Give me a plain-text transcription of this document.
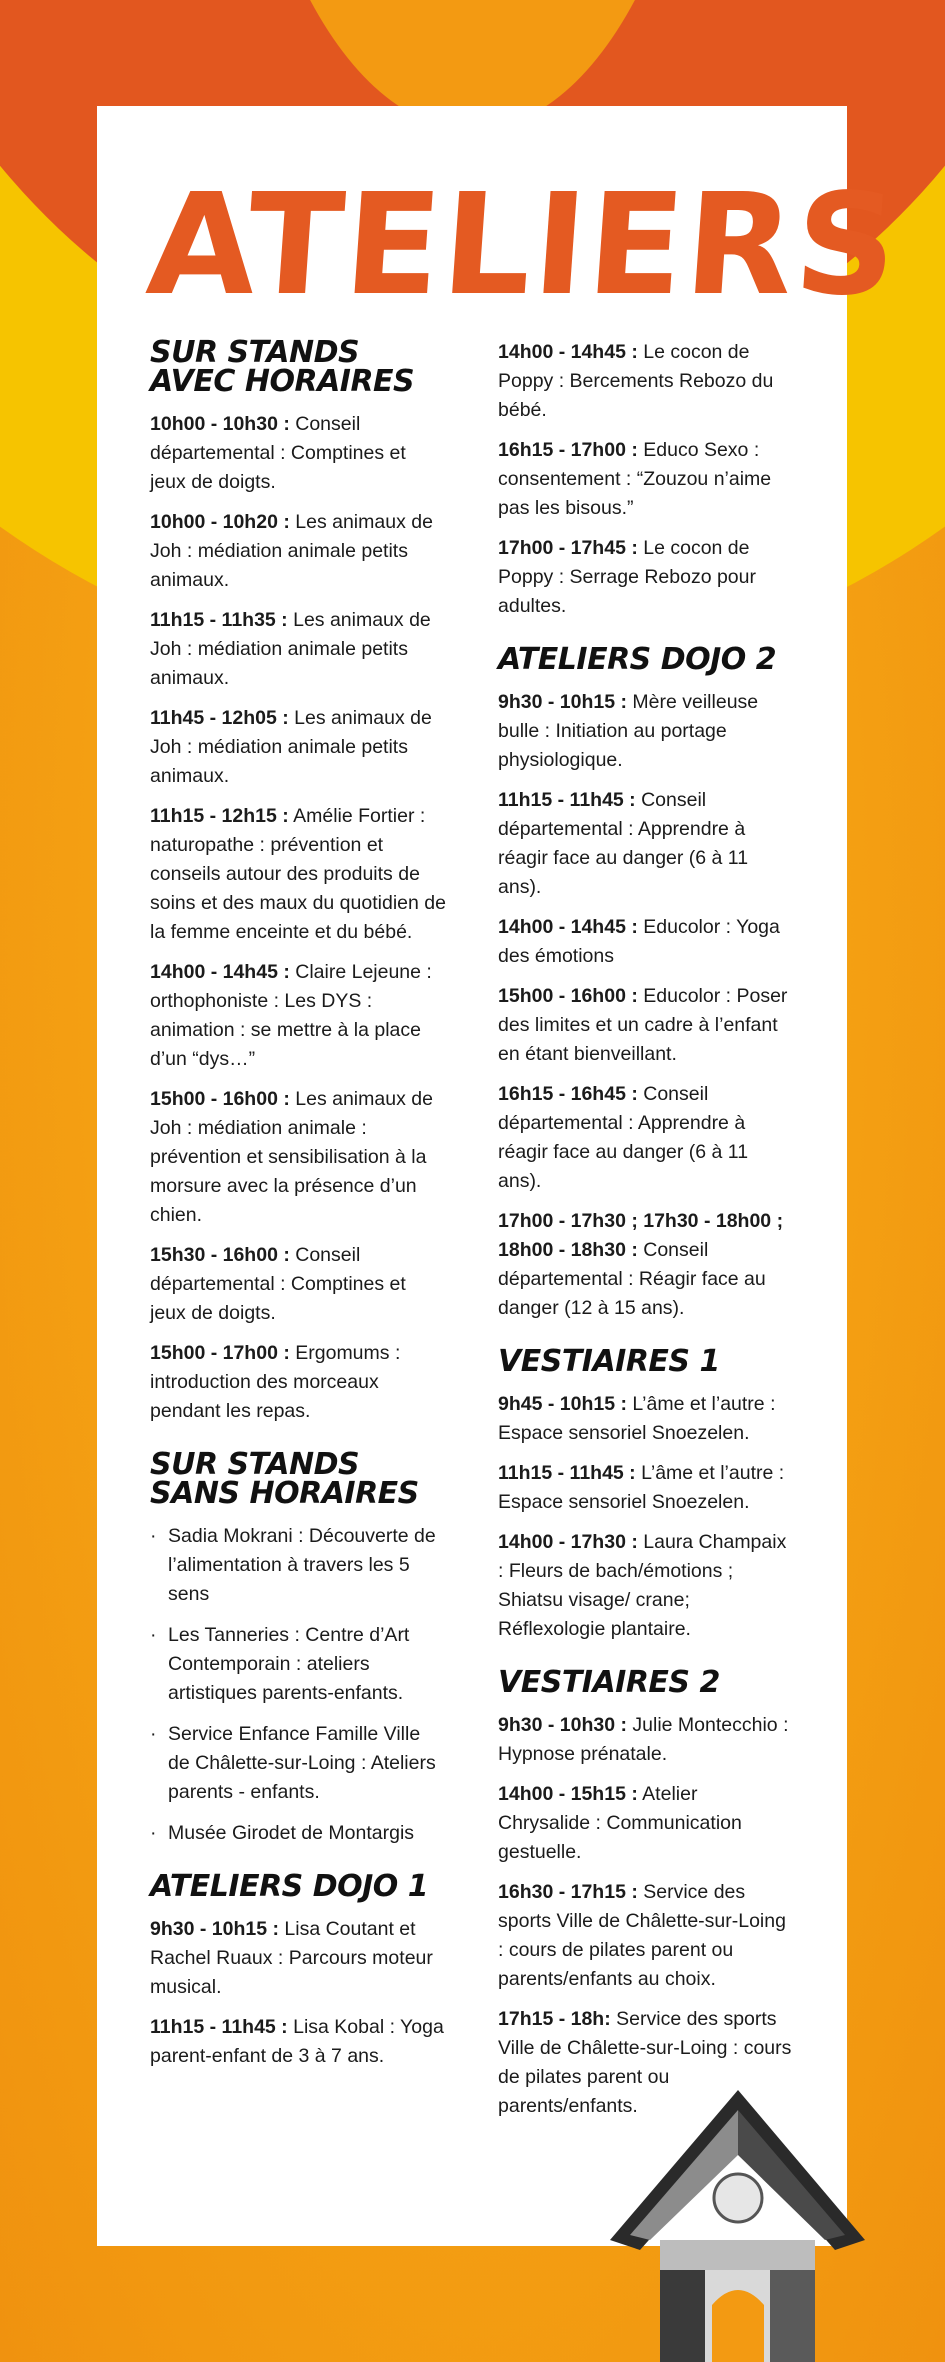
ATELIERS
SUR STANDS
AVEC HORAIRES

10h00 - 10h30 : Conseil départemental : Comptines et jeux de doigts.

10h00 - 10h20 : Les animaux de Joh : médiation animale petits animaux.

11h15 - 11h35 : Les animaux de Joh : médiation animale petits animaux.

11h45 - 12h05 : Les animaux de Joh : médiation animale petits animaux.

11h15 - 12h15 : Amélie Fortier : naturopathe : prévention et conseils autour des produits de soins et des maux du quotidien de la femme enceinte et du bébé.

14h00 - 14h45 : Claire Lejeune : orthophoniste : Les DYS : animation : se mettre à la place d’un “dys…”

15h00 - 16h00 : Les animaux de Joh : médiation animale : prévention et sensibilisation à la morsure avec la présence d’un chien.

15h30 - 16h00 : Conseil départemental : Comptines et jeux de doigts.

15h00 - 17h00 : Ergomums : introduction des morceaux pendant les repas.

SUR STANDS
SANS HORAIRES
· Sadia Mokrani : Découverte de l’alimentation à travers les 5 sens
· Les Tanneries : Centre d’Art Contemporain : ateliers artistiques parents-enfants.
· Service Enfance Famille Ville de Châlette-sur-Loing : Ateliers parents - enfants.
· Musée Girodet de Montargis
ATELIERS DOJO 1

9h30 - 10h15 : Lisa Coutant et Rachel Ruaux : Parcours moteur musical.

11h15 - 11h45 : Lisa Kobal : Yoga parent-enfant de 3 à 7 ans.

14h00 - 14h45 : Le cocon de Poppy : Bercements Rebozo du bébé.

16h15 - 17h00 : Educo Sexo : consentement : “Zouzou n’aime pas les bisous.”

17h00 - 17h45 : Le cocon de Poppy : Serrage Rebozo pour adultes.

ATELIERS DOJO 2

9h30 - 10h15 : Mère veilleuse bulle : Initiation au portage physiologique.

11h15 - 11h45 : Conseil départemental : Apprendre à réagir face au danger (6 à 11 ans).

14h00 - 14h45 : Educolor : Yoga des émotions

15h00 - 16h00 : Educolor : Poser des limites et un cadre à l’enfant en étant bienveillant.

16h15 - 16h45 : Conseil départemental : Apprendre à réagir face au danger (6 à 11 ans).

17h00 - 17h30 ; 17h30 - 18h00 ; 18h00 - 18h30 : Conseil départemental : Réagir face au danger (12 à 15 ans).

VESTIAIRES 1

9h45 - 10h15 : L’âme et l’autre : Espace sensoriel Snoezelen.

11h15 - 11h45 : L’âme et l’autre : Espace sensoriel Snoezelen.

14h00 - 17h30 : Laura Champaix : Fleurs de bach/émotions ; Shiatsu visage/ crane; Réflexologie plantaire.

VESTIAIRES 2

9h30 - 10h30 : Julie Montecchio : Hypnose prénatale.

14h00 - 15h15 : Atelier Chrysalide : Communication gestuelle.

16h30 - 17h15 : Service des sports Ville de Châlette-sur-Loing : cours de pilates parent ou parents/enfants au choix.

17h15 - 18h: Service des sports Ville de Châlette-sur-Loing : cours de pilates parent ou parents/enfants.
